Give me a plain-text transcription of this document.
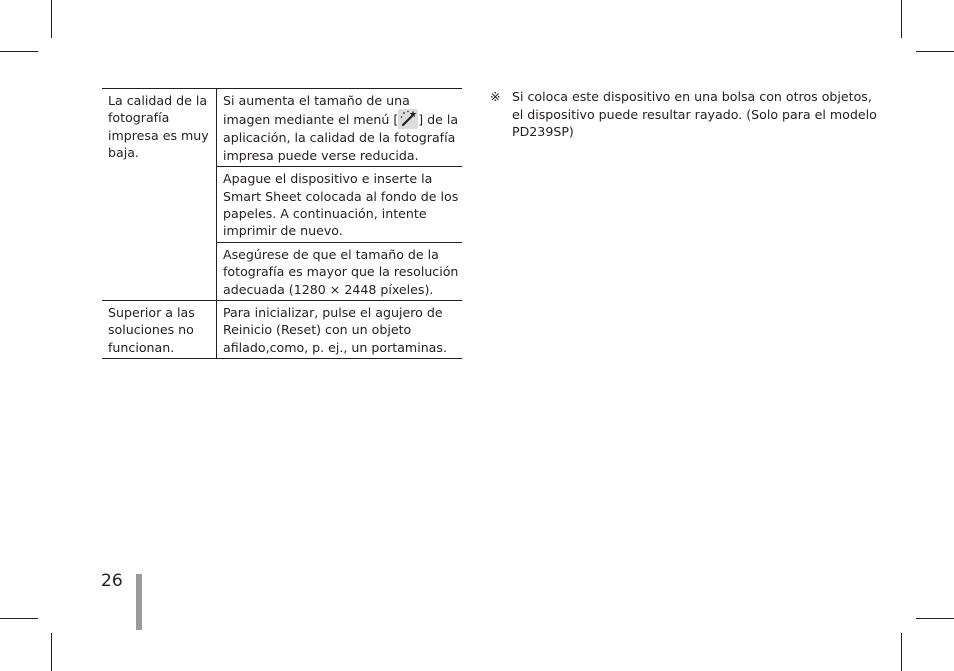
La calidad de la fotografía impresa es muy baja.	Si aumenta el tamaño de una imagen mediante el menú [ ] de la aplicación, la calidad de la fotografía impresa puede verse reducida.
	Apague el dispositivo e inserte la Smart Sheet colocada al fondo de los papeles. A continuación, intente imprimir de nuevo.
	Asegúrese de que el tamaño de la fotografía es mayor que la resolución adecuada (1280 × 2448 píxeles).
Superior a las soluciones no funcionan.	Para inicializar, pulse el agujero de Reinicio (Reset) con un objeto afilado,como, p. ej., un portaminas.
※ Si coloca este dispositivo en una bolsa con otros objetos, el dispositivo puede resultar rayado. (Solo para el modelo PD239SP)
26
